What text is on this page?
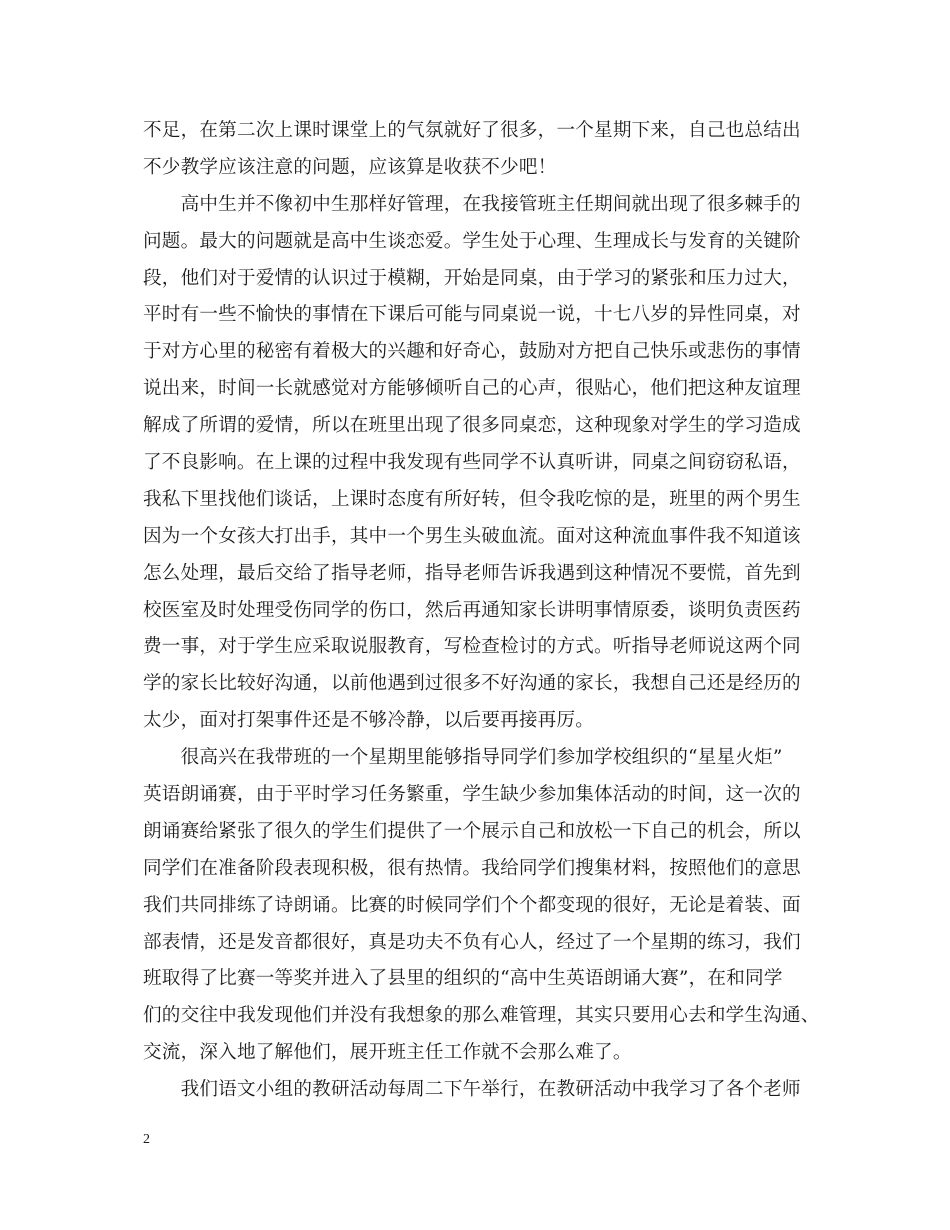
不足，在第二次上课时课堂上的气氛就好了很多，一个星期下来，自己也总结出
不少教学应该注意的问题，应该算是收获不少吧！
　　高中生并不像初中生那样好管理，在我接管班主任期间就出现了很多棘手的
问题。最大的问题就是高中生谈恋爱。学生处于心理、生理成长与发育的关键阶
段，他们对于爱情的认识过于模糊，开始是同桌，由于学习的紧张和压力过大，
平时有一些不愉快的事情在下课后可能与同桌说一说，十七八岁的异性同桌，对
于对方心里的秘密有着极大的兴趣和好奇心，鼓励对方把自己快乐或悲伤的事情
说出来，时间一长就感觉对方能够倾听自己的心声，很贴心，他们把这种友谊理
解成了所谓的爱情，所以在班里出现了很多同桌恋，这种现象对学生的学习造成
了不良影响。在上课的过程中我发现有些同学不认真听讲，同桌之间窃窃私语，
我私下里找他们谈话，上课时态度有所好转，但令我吃惊的是，班里的两个男生
因为一个女孩大打出手，其中一个男生头破血流。面对这种流血事件我不知道该
怎么处理，最后交给了指导老师，指导老师告诉我遇到这种情况不要慌，首先到
校医室及时处理受伤同学的伤口，然后再通知家长讲明事情原委，谈明负责医药
费一事，对于学生应采取说服教育，写检查检讨的方式。听指导老师说这两个同
学的家长比较好沟通，以前他遇到过很多不好沟通的家长，我想自己还是经历的
太少，面对打架事件还是不够冷静，以后要再接再厉。
　　很高兴在我带班的一个星期里能够指导同学们参加学校组织的“星星火炬”
英语朗诵赛，由于平时学习任务繁重，学生缺少参加集体活动的时间，这一次的
朗诵赛给紧张了很久的学生们提供了一个展示自己和放松一下自己的机会，所以
同学们在准备阶段表现积极，很有热情。我给同学们搜集材料，按照他们的意思
我们共同排练了诗朗诵。比赛的时候同学们个个都变现的很好，无论是着装、面
部表情，还是发音都很好，真是功夫不负有心人，经过了一个星期的练习，我们
班取得了比赛一等奖并进入了县里的组织的“高中生英语朗诵大赛”，在和同学
们的交往中我发现他们并没有我想象的那么难管理，其实只要用心去和学生沟通、
交流，深入地了解他们，展开班主任工作就不会那么难了。
　　我们语文小组的教研活动每周二下午举行，在教研活动中我学习了各个老师
2
